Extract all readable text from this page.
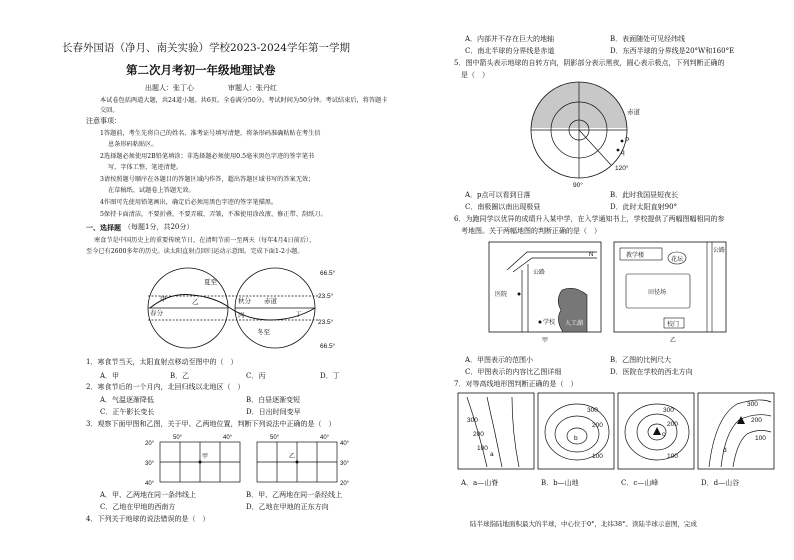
长春外国语（净月、南关实验）学校2023-2024学年第一学期
第二次月考初一年级地理试卷
出题人：张丁心	审题人：张丹红
本试卷包括两道大题，共24道小题。共6页。全卷满分50分。考试时间为50分钟。考试结束后，将答题卡交回。
注意事项：
1答题前，考生先将自己的姓名、准考证号填写清楚，将条形码准确粘贴在考生信
息条形码粘贴区。
2选择题必须使用2B铅笔填涂；非选择题必须使用0.5毫米黑色字迹的签字笔书
写，字体工整、笔迹清楚。
3请按照题号顺序在各题目的答题区域内作答，超出答题区域书写的答案无效；
在草稿纸、试题卷上答题无效。
4作图可先使用铅笔画出，确定后必须用黑色字迹的签字笔描黑。
5保持卡面清洁，不要折叠，不要弄破、弄皱，不准使用涂改液、修正带、刮纸刀。
一、选择题 （每题1分，共20分）
寒食节是中国历史上的重要传统节日，在清明节前一至两天（每年4月4日前后），
至今已有2600多年的历史。读太阳直射点回归运动示意图。完成下面1-2小题。
夏至
冬至
春分
秋分 赤道
甲	乙
丙	丁
66.5°
23.5°
23.5°
66.5°
1．寒食节当天，太阳直射点移动至图中的（　）
A．甲	B．乙	C．丙	D．丁
2．寒食节后的一个月内，北回归线以北地区（　）
A．气温逐渐降低	B．白昼逐渐变短
C．正午影长变长	D．日出时间变早
3．观察下面甲图和乙图，关于甲、乙两地位置，判断下列说法中正确的是（　）
50°	40°
20°
30°
40°
甲
50°	40°
40°
30°
20°
乙
A．甲、乙两地在同一条纬线上	B．甲、乙两地在同一条经线上
C．乙地在甲地的西南方	D．乙地在甲地的正东方向
4．下列关于地球的说法错误的是（　）
A．内部并不存在巨大的地轴	B．表面随处可见经纬线
C．南北半球的分界线是赤道	D．东西半球的分界线是20°W和160°E
5．图中箭头表示地球的自转方向，阴影部分表示黑夜，圆心表示极点，下列判断正确的
是（　）
赤道
P
q
90°
120°
A．p点可以看到日落	B．此时我国昼短夜长
C．南极圈以南出现极昼	D．此时太阳直射90°
6．为跑同学以优异的成绩升入某中学，在入学通知书上，学校提供了两幅图幅相同的参
考地图。关于两幅地图的判断正确的是（　）
N
公路
医院
学校 人工湖
甲
教学楼
花坛
公路
田径场
校门
乙
A．甲图表示的范围小	B．乙图的比例尺大
C．甲图表示的内容比乙图详细	D．医院在学校的西北方向
7．对等高线地形图判断正确的是（　）
300
200
100
a
300
200
100
b
300
200
100
c
300
200
100
d
A．a—山脊	B．b—山地	C．c—山峰	D．d—山谷
陆半球指陆地面积最大的半球，中心位于0°，北纬38°。读陆半球示意图，完成
